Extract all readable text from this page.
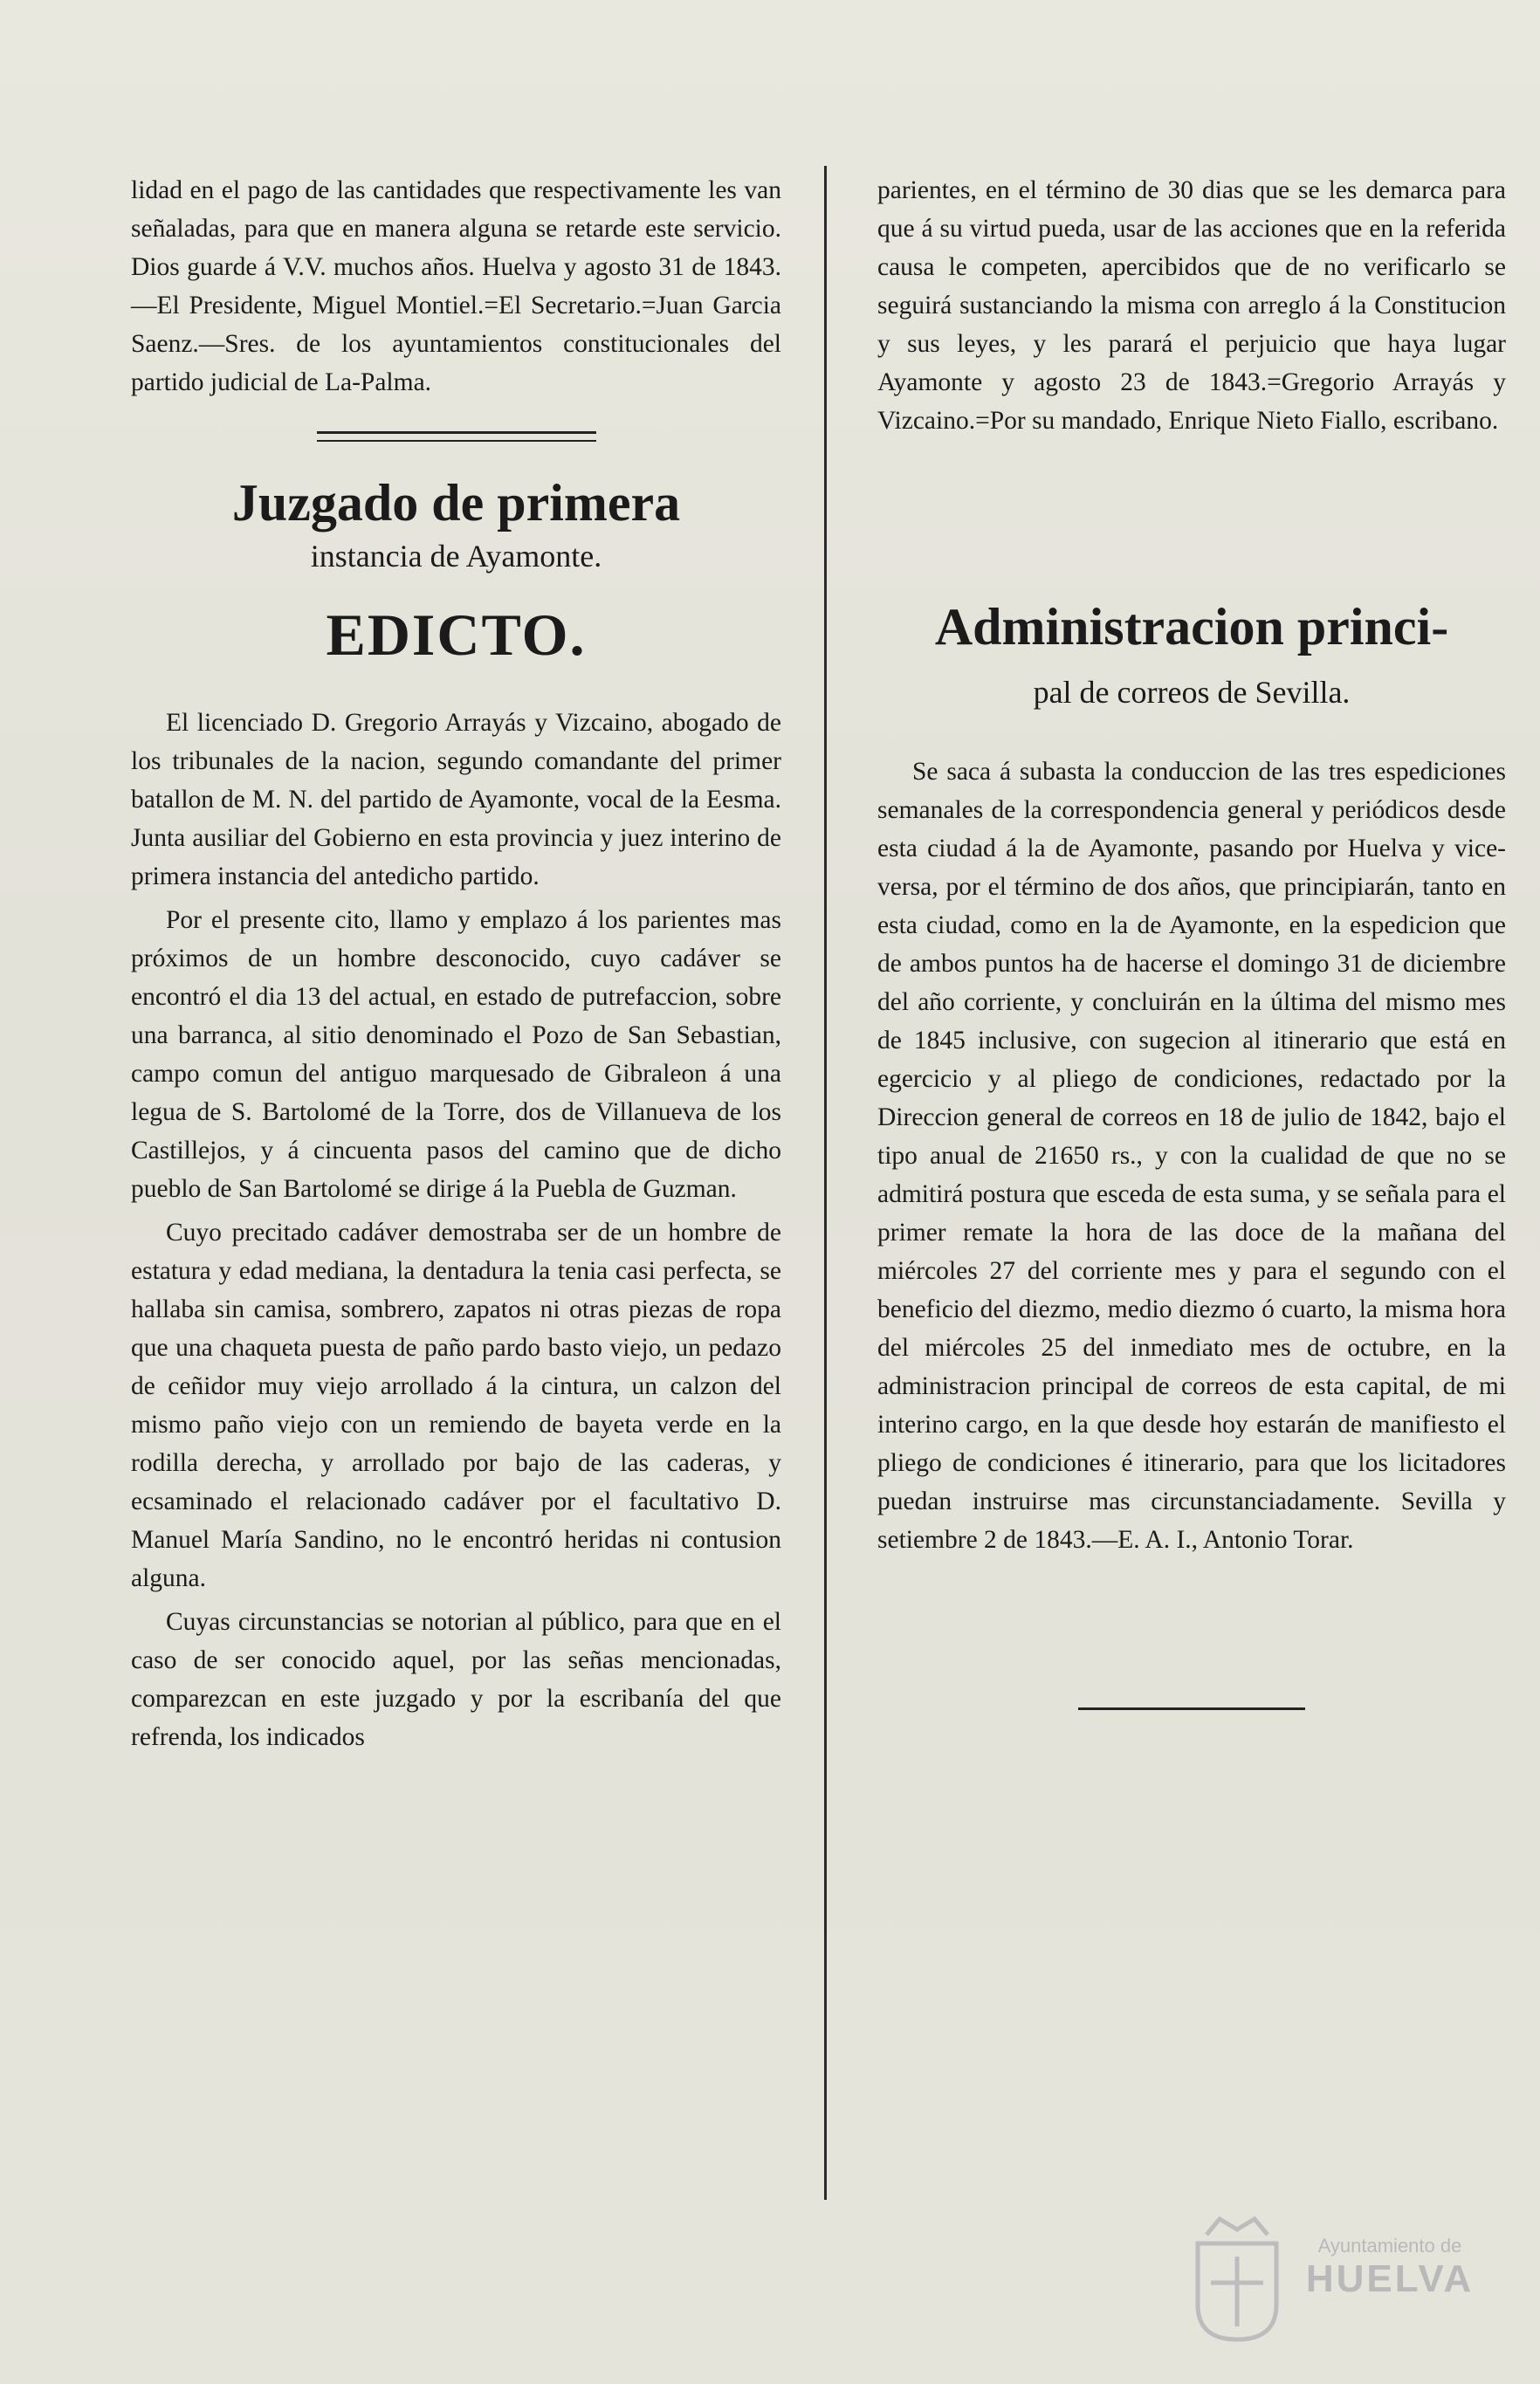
lidad en el pago de las cantidades que respectivamente les van señaladas, para que en manera alguna se retarde este servicio. Dios guarde á V.V. muchos años. Huelva y agosto 31 de 1843.—El Presidente, Miguel Montiel.=El Secretario.=Juan Garcia Saenz.—Sres. de los ayuntamientos constitucionales del partido judicial de La-Palma.

Juzgado de primera
instancia de Ayamonte.
EDICTO.

El licenciado D. Gregorio Arrayás y Vizcaino, abogado de los tribunales de la nacion, segundo comandante del primer batallon de M. N. del partido de Ayamonte, vocal de la Eesma. Junta ausiliar del Gobierno en esta provincia y juez interino de primera instancia del antedicho partido.

Por el presente cito, llamo y emplazo á los parientes mas próximos de un hombre desconocido, cuyo cadáver se encontró el dia 13 del actual, en estado de putrefaccion, sobre una barranca, al sitio denominado el Pozo de San Sebastian, campo comun del antiguo marquesado de Gibraleon á una legua de S. Bartolomé de la Torre, dos de Villanueva de los Castillejos, y á cincuenta pasos del camino que de dicho pueblo de San Bartolomé se dirige á la Puebla de Guzman.

Cuyo precitado cadáver demostraba ser de un hombre de estatura y edad mediana, la dentadura la tenia casi perfecta, se hallaba sin camisa, sombrero, zapatos ni otras piezas de ropa que una chaqueta puesta de paño pardo basto viejo, un pedazo de ceñidor muy viejo arrollado á la cintura, un calzon del mismo paño viejo con un remiendo de bayeta verde en la rodilla derecha, y arrollado por bajo de las caderas, y ecsaminado el relacionado cadáver por el facultativo D. Manuel María Sandino, no le encontró heridas ni contusion alguna.

Cuyas circunstancias se notorian al público, para que en el caso de ser conocido aquel, por las señas mencionadas, comparezcan en este juzgado y por la escribanía del que refrenda, los indicados

parientes, en el término de 30 dias que se les demarca para que á su virtud pueda, usar de las acciones que en la referida causa le competen, apercibidos que de no verificarlo se seguirá sustanciando la misma con arreglo á la Constitucion y sus leyes, y les parará el perjuicio que haya lugar Ayamonte y agosto 23 de 1843.=Gregorio Arrayás y Vizcaino.=Por su mandado, Enrique Nieto Fiallo, escribano.

Administracion princi-
pal de correos de Sevilla.

Se saca á subasta la conduccion de las tres espediciones semanales de la correspondencia general y periódicos desde esta ciudad á la de Ayamonte, pasando por Huelva y vice-versa, por el término de dos años, que principiarán, tanto en esta ciudad, como en la de Ayamonte, en la espedicion que de ambos puntos ha de hacerse el domingo 31 de diciembre del año corriente, y concluirán en la última del mismo mes de 1845 inclusive, con sugecion al itinerario que está en egercicio y al pliego de condiciones, redactado por la Direccion general de correos en 18 de julio de 1842, bajo el tipo anual de 21650 rs., y con la cualidad de que no se admitirá postura que esceda de esta suma, y se señala para el primer remate la hora de las doce de la mañana del miércoles 27 del corriente mes y para el segundo con el beneficio del diezmo, medio diezmo ó cuarto, la misma hora del miércoles 25 del inmediato mes de octubre, en la administracion principal de correos de esta capital, de mi interino cargo, en la que desde hoy estarán de manifiesto el pliego de condiciones é itinerario, para que los licitadores puedan instruirse mas circunstanciadamente. Sevilla y setiembre 2 de 1843.—E. A. I., Antonio Torar.

Ayuntamiento de
HUELVA
